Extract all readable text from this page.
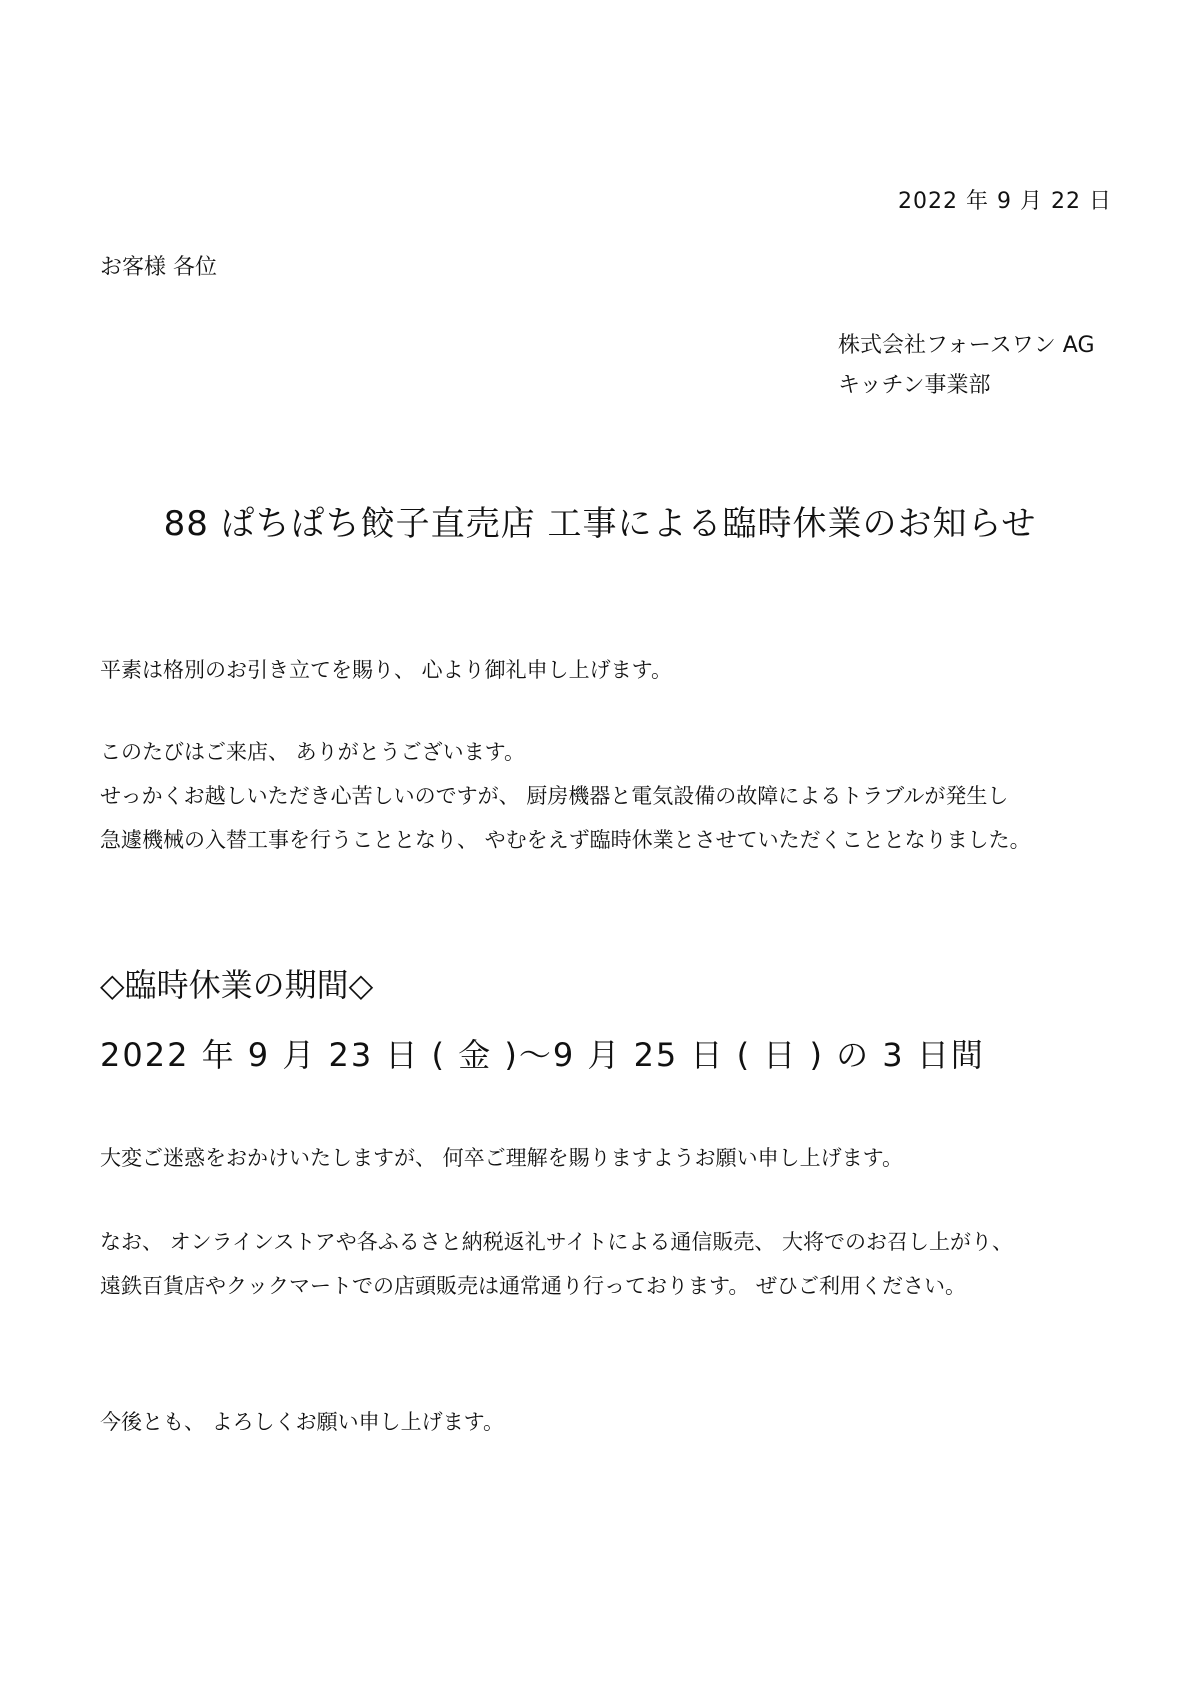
2022 年 9 月 22 日
お客様 各位
株式会社フォースワン AG
キッチン事業部
88 ぱちぱち餃子直売店 工事による臨時休業のお知らせ
平素は格別のお引き立てを賜り、 心より御礼申し上げます。
このたびはご来店、 ありがとうございます。
せっかくお越しいただき心苦しいのですが、 厨房機器と電気設備の故障によるトラブルが発生し
急遽機械の入替工事を行うこととなり、 やむをえず臨時休業とさせていただくこととなりました。
◇臨時休業の期間◇
2022 年 9 月 23 日 ( 金 )〜9 月 25 日 ( 日 ) の 3 日間
大変ご迷惑をおかけいたしますが、 何卒ご理解を賜りますようお願い申し上げます。
なお、 オンラインストアや各ふるさと納税返礼サイトによる通信販売、 大将でのお召し上がり、
遠鉄百貨店やクックマートでの店頭販売は通常通り行っております。 ぜひご利用ください。
今後とも、 よろしくお願い申し上げます。
